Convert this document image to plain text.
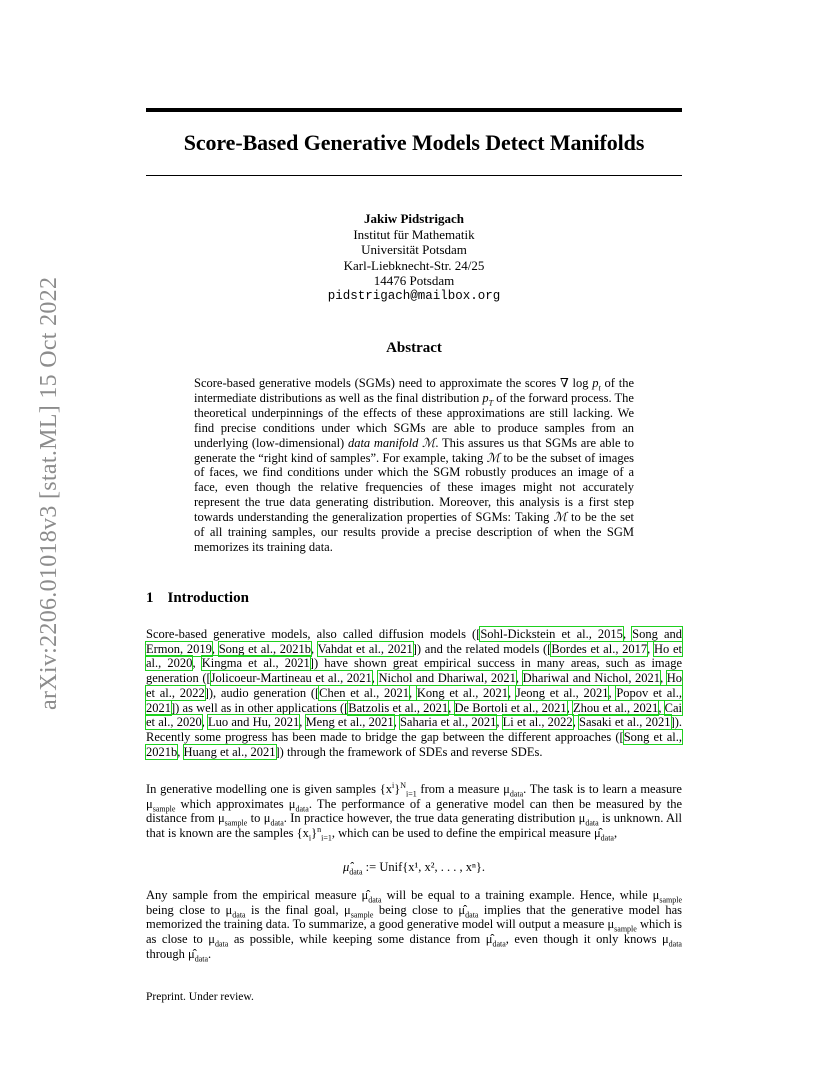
Score-Based Generative Models Detect Manifolds
Jakiw Pidstrigach
Institut für Mathematik
Universität Potsdam
Karl-Liebknecht-Str. 24/25
14476 Potsdam
pidstrigach@mailbox.org
arXiv:2206.01018v3 [stat.ML] 15 Oct 2022	Abstract
Score-based generative models (SGMs) need to approximate the scores ∇ $\log p_t$ of the intermediate distributions as well as the final distribution $p_T$ of the forward process. The theoretical underpinnings of the effects of these approximations are still lacking. We find precise conditions under which SGMs are able to produce samples from an underlying (low-dimensional) data manifold ℳ. This assures us that SGMs are able to generate the “right kind of samples”. For example, taking ℳ to be the subset of images of faces, we find conditions under which the SGM robustly produces an image of a face, even though the relative frequencies of these images might not accurately represent the true data generating distribution. Moreover, this analysis is a first step towards understanding the generalization properties of SGMs: Taking ℳ to be the set of all training samples, our results provide a precise description of when the SGM memorizes its training data.
1 Introduction
Score-based generative models, also called diffusion models ([Sohl-Dickstein et al., 2015, Song and Ermon, 2019, Song et al., 2021b, Vahdat et al., 2021]) and the related models ([Bordes et al., 2017, Ho et al., 2020, Kingma et al., 2021]) have shown great empirical success in many areas, such as image generation ([Jolicoeur-Martineau et al., 2021, Nichol and Dhariwal, 2021, Dhariwal and Nichol, 2021, Ho et al., 2022]), audio generation ([Chen et al., 2021, Kong et al., 2021, Jeong et al., 2021, Popov et al., 2021]) as well as in other applications ([Batzolis et al., 2021, De Bortoli et al., 2021, Zhou et al., 2021, Cai et al., 2020, Luo and Hu, 2021, Meng et al., 2021, Saharia et al., 2021, Li et al., 2022, Sasaki et al., 2021]). Recently some progress has been made to bridge the gap between the different approaches ([Song et al., 2021b, Huang et al., 2021]) through the framework of SDEs and reverse SDEs.
In generative modelling one is given samples $\{x^i\}^N_{i=1}$ from a measure $\mu_{data}$. The task is to learn a measure $\mu_{sample}$ which approximates $\mu_{data}$. The performance of a generative model can then be measured by the distance from $\mu_{sample}$ to $\mu_{data}$. In practice however, the true data generating distribution $\mu_{data}$ is unknown. All that is known are the samples $\{x_i\}^n_{i=1}$, which can be used to define the empirical measure $\mû_{data}$,
$\mû_{data}$ := Unif{x¹, x², . . . , xⁿ}.
Any sample from the empirical measure $\mû_{data}$ will be equal to a training example. Hence, while $\mu_{sample}$ being close to $\mu_{data}$ is the final goal, $\mu_{sample}$ being close to $\mû_{data}$ implies that the generative model has memorized the training data. To summarize, a good generative model will output a measure $\mu_{sample}$ which is as close to $\mu_{data}$ as possible, while keeping some distance from $\mû_{data}$, even though it only knows $\mu_{data}$ through $\mû_{data}$.
Preprint. Under review.
